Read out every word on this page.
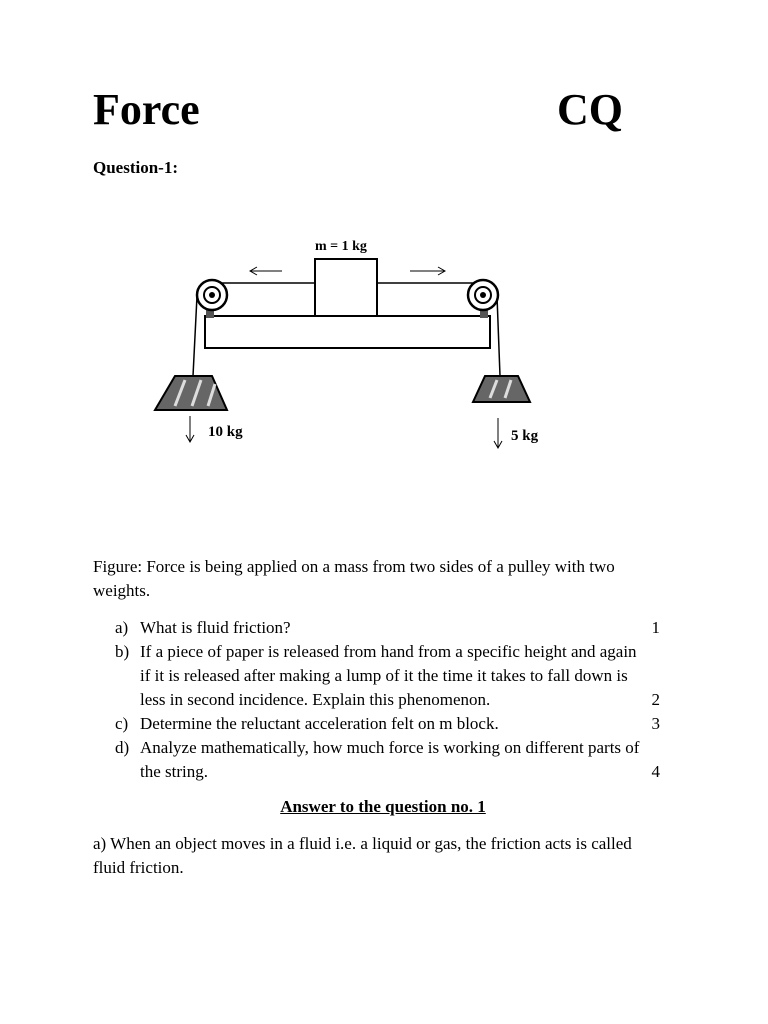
Force	CQ
Question-1:
m = 1 kg
10 kg	5 kg
Figure: Force is being applied on a mass from two sides of a pulley with two weights.
a) What is fluid friction?	1
b) If a piece of paper is released from hand from a specific height and again if it is released after making a lump of it the time it takes to fall down is less in second incidence. Explain this phenomenon.	2
c) Determine the reluctant acceleration felt on m block.	3
d) Analyze mathematically, how much force is working on different parts of the string.	4
Answer to the question no. 1
a) When an object moves in a fluid i.e. a liquid or gas, the friction acts is called fluid friction.
